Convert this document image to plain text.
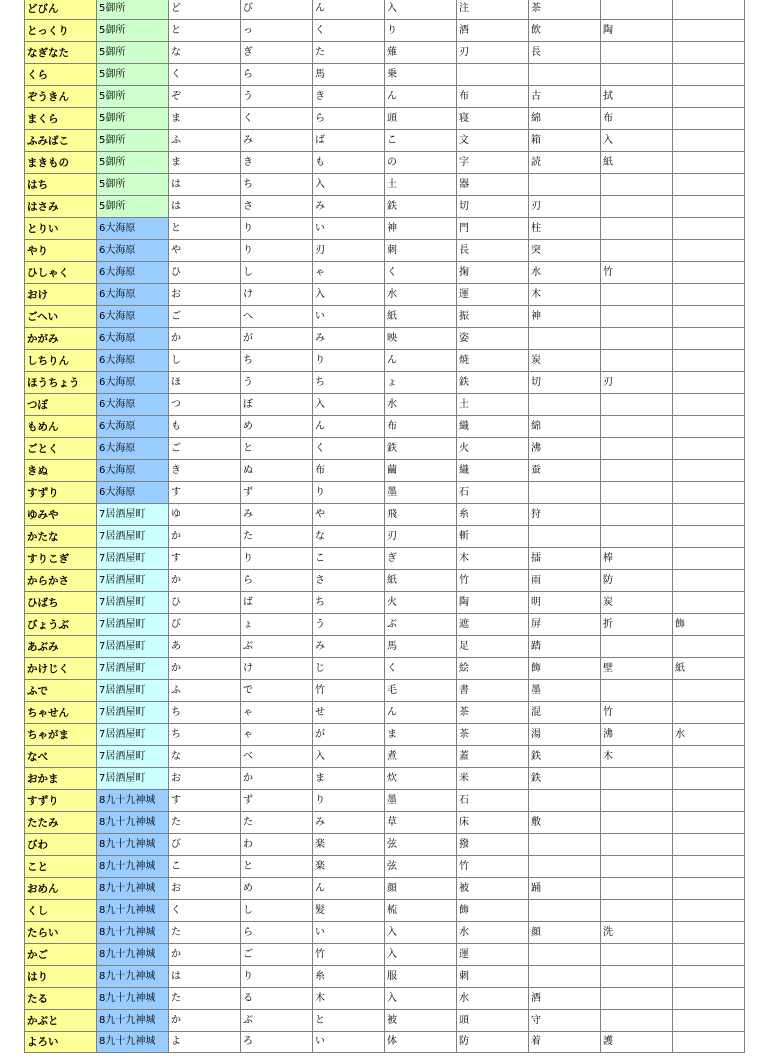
どびん	5御所	ど	び	ん	入	注	茶		
とっくり	5御所	と	っ	く	り	酒	飲	陶	
なぎなた	5御所	な	ぎ	た	薙	刃	長		
くら	5御所	く	ら	馬	乗				
ぞうきん	5御所	ぞ	う	き	ん	布	古	拭	
まくら	5御所	ま	く	ら	頭	寝	綿	布	
ふみばこ	5御所	ふ	み	ば	こ	文	箱	入	
まきもの	5御所	ま	き	も	の	字	読	紙	
はち	5御所	は	ち	入	土	器			
はさみ	5御所	は	さ	み	鉄	切	刃		
とりい	6大海原	と	り	い	神	門	柱		
やり	6大海原	や	り	刃	刺	長	突		
ひしゃく	6大海原	ひ	し	ゃ	く	掬	水	竹	
おけ	6大海原	お	け	入	水	運	木		
ごへい	6大海原	ご	へ	い	紙	振	神		
かがみ	6大海原	か	が	み	映	姿			
しちりん	6大海原	し	ち	り	ん	焼	炭		
ほうちょう	6大海原	ほ	う	ち	ょ	鉄	切	刃	
つぼ	6大海原	つ	ぼ	入	水	土			
もめん	6大海原	も	め	ん	布	織	綿		
ごとく	6大海原	ご	と	く	鉄	火	沸		
きぬ	6大海原	き	ぬ	布	繭	織	蚕		
すずり	6大海原	す	ず	り	墨	石			
ゆみや	7居酒屋町	ゆ	み	や	飛	糸	狩		
かたな	7居酒屋町	か	た	な	刃	斬			
すりこぎ	7居酒屋町	す	り	こ	ぎ	木	擂	棒	
からかさ	7居酒屋町	か	ら	さ	紙	竹	雨	防	
ひばち	7居酒屋町	ひ	ば	ち	火	陶	明	炭	
びょうぶ	7居酒屋町	び	ょ	う	ぶ	遮	屏	折	飾
あぶみ	7居酒屋町	あ	ぶ	み	馬	足	踏		
かけじく	7居酒屋町	か	け	じ	く	絵	飾	壁	紙
ふで	7居酒屋町	ふ	で	竹	毛	書	墨		
ちゃせん	7居酒屋町	ち	ゃ	せ	ん	茶	混	竹	
ちゃがま	7居酒屋町	ち	ゃ	が	ま	茶	湯	沸	水
なべ	7居酒屋町	な	べ	入	煮	蓋	鉄	木	
おかま	7居酒屋町	お	か	ま	炊	米	鉄		
すずり	8九十九神城	す	ず	り	墨	石			
たたみ	8九十九神城	た	た	み	草	床	敷		
びわ	8九十九神城	び	わ	楽	弦	撥			
こと	8九十九神城	こ	と	楽	弦	竹			
おめん	8九十九神城	お	め	ん	顔	被	踊		
くし	8九十九神城	く	し	髪	梳	飾			
たらい	8九十九神城	た	ら	い	入	水	顔	洗	
かご	8九十九神城	か	ご	竹	入	運			
はり	8九十九神城	は	り	糸	服	刺			
たる	8九十九神城	た	る	木	入	水	酒		
かぶと	8九十九神城	か	ぶ	と	被	頭	守		
よろい	8九十九神城	よ	ろ	い	体	防	着	護	
